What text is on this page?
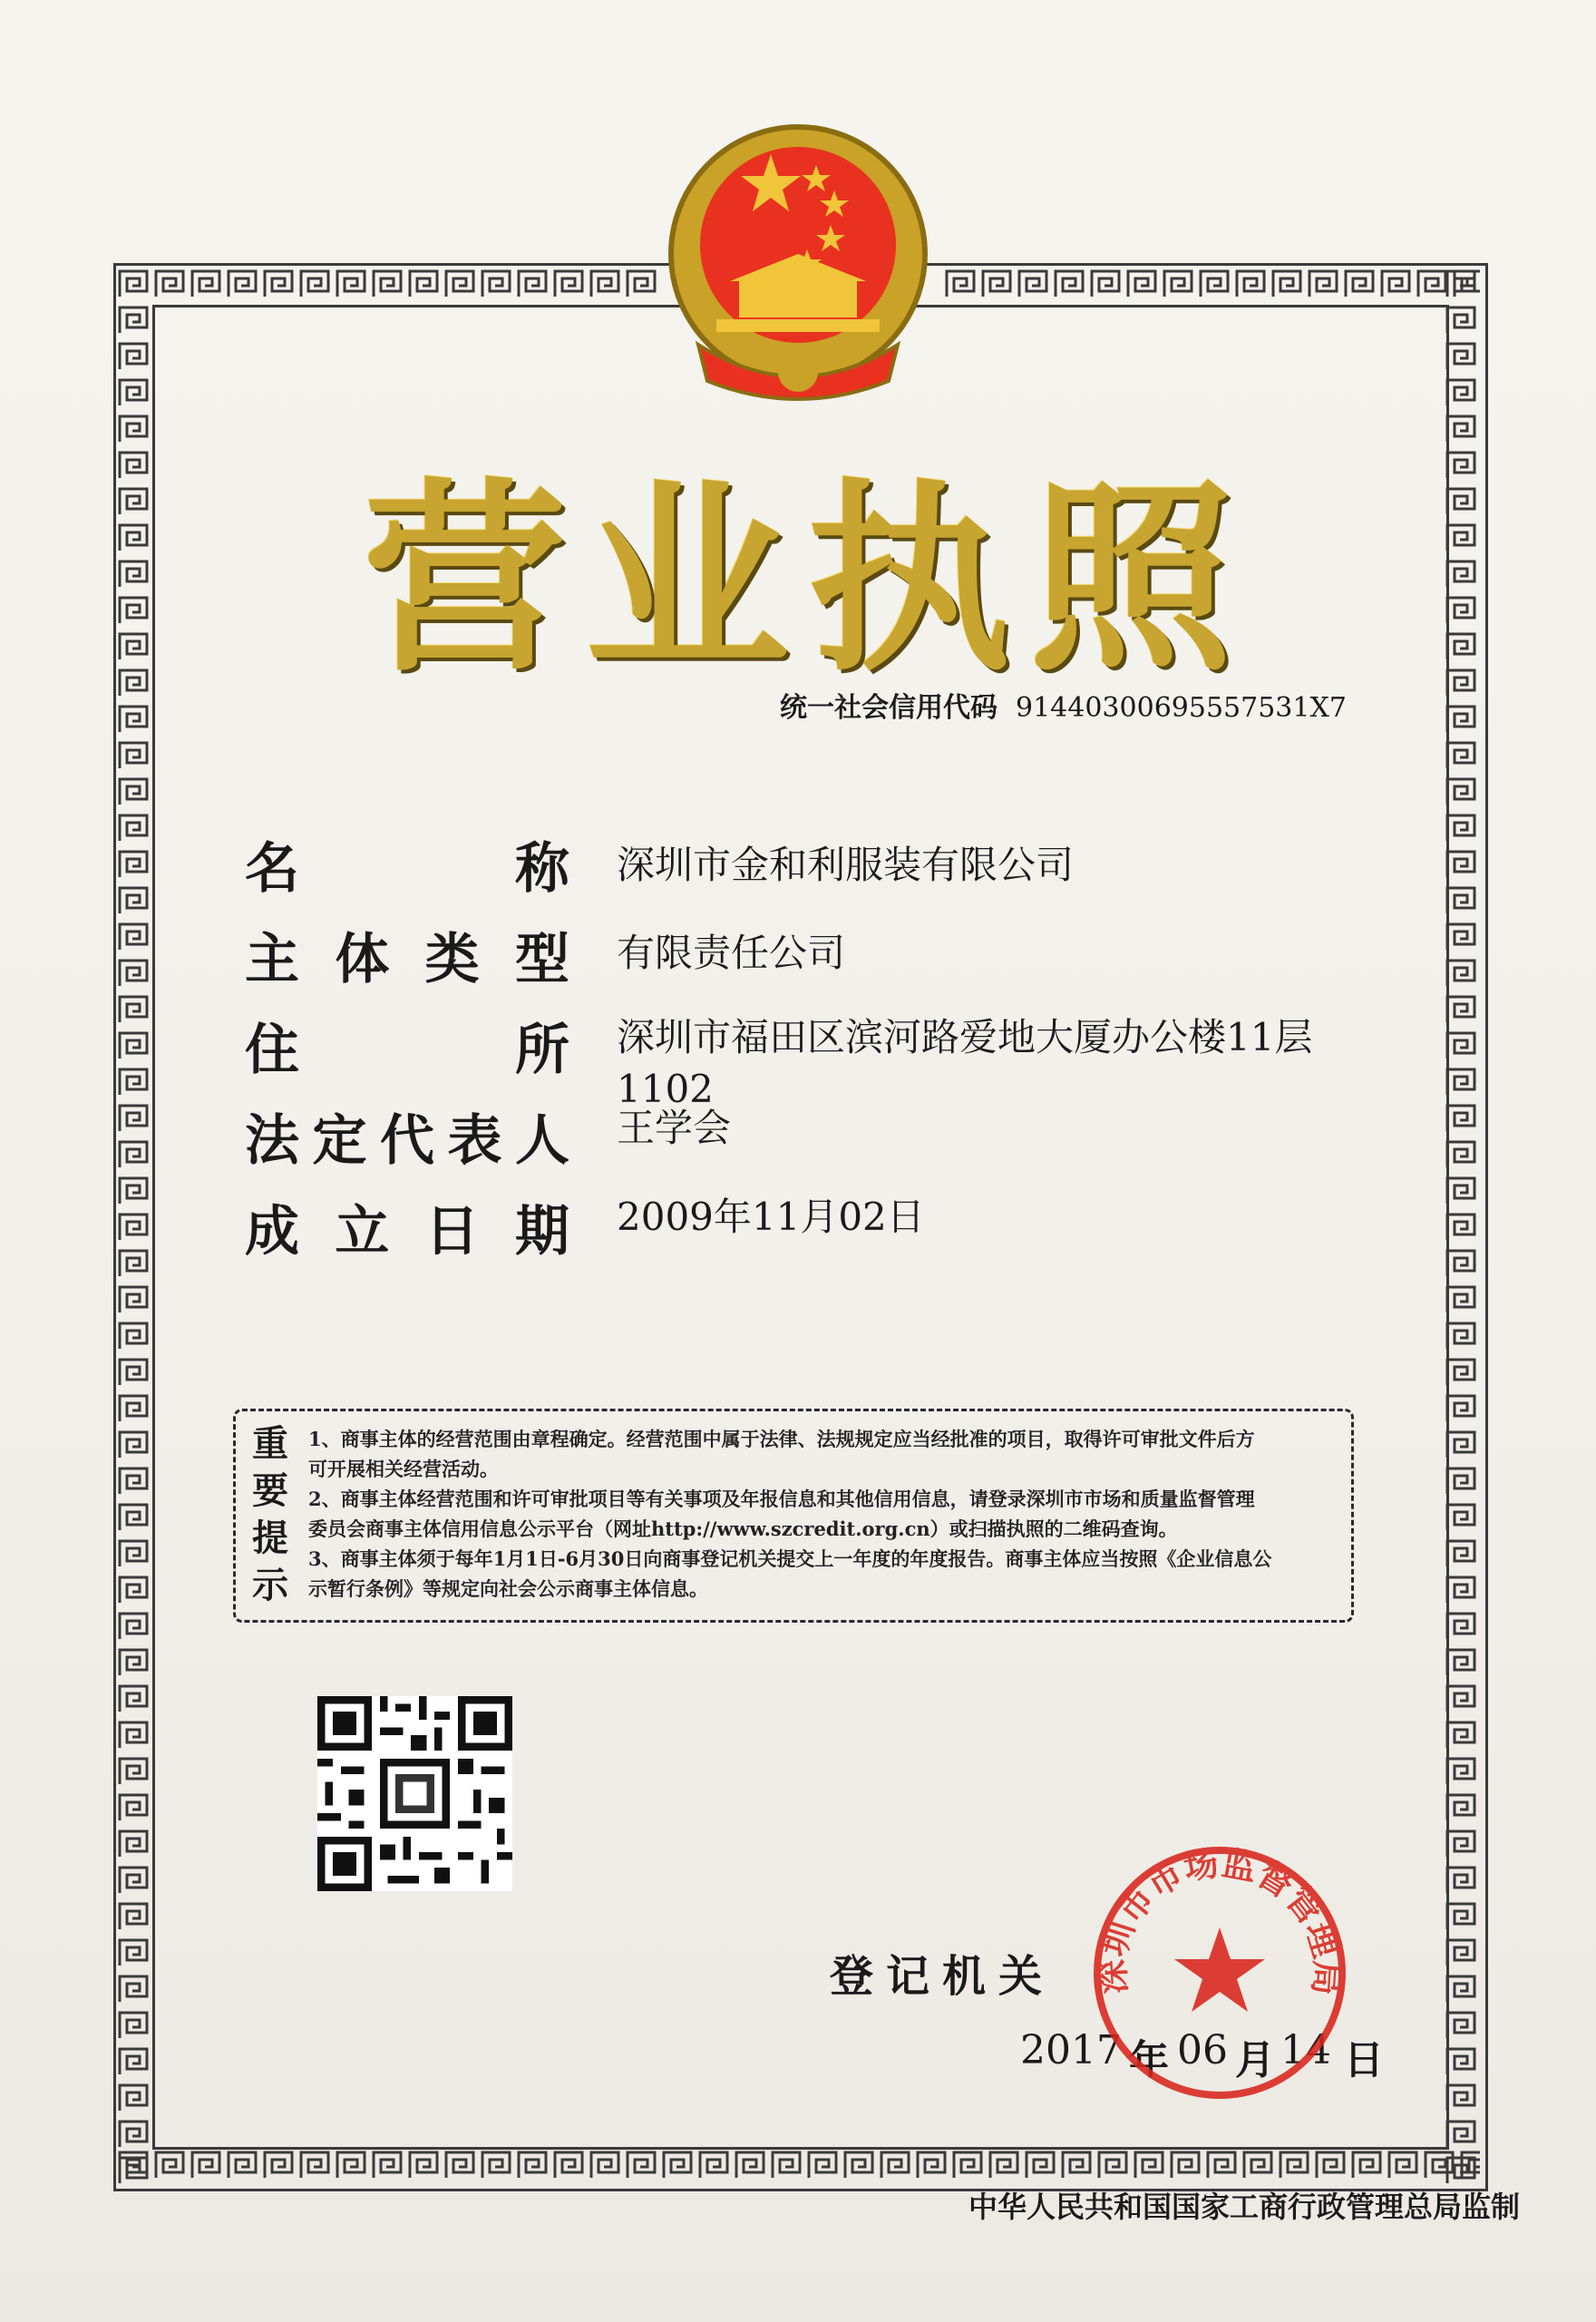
营 业 执 照
统一社会信用代码 91440300695557531X7
名称 深圳市金和利服装有限公司
主体类型 有限责任公司
住所 深圳市福田区滨河路爱地大厦办公楼11层
1102
法定代表人 王学会
成立日期 2009年11月02日
重
要
提
示
1、商事主体的经营范围由章程确定。经营范围中属于法律、法规规定应当经批准的项目，取得许可审批文件后方
可开展相关经营活动。
2、商事主体经营范围和许可审批项目等有关事项及年报信息和其他信用信息，请登录深圳市市场和质量监督管理
委员会商事主体信用信息公示平台（网址http://www.szcredit.org.cn）或扫描执照的二维码查询。
3、商事主体须于每年1月1日-6月30日向商事登记机关提交上一年度的年度报告。商事主体应当按照《企业信息公
示暂行条例》等规定向社会公示商事主体信息。
登记机关
2017 年 06 月 14 日
深圳市市场监督管理局
中华人民共和国国家工商行政管理总局监制
